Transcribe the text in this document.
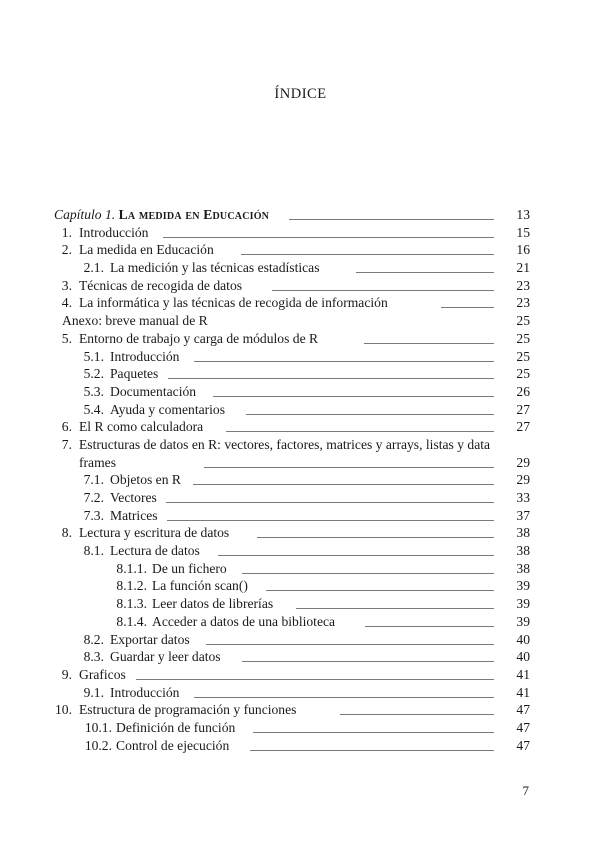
ÍNDICE
Capítulo 1. La medida en Educación	13
1. Introducción	15
2. La medida en Educación	16
2.1. La medición y las técnicas estadísticas	21
3. Técnicas de recogida de datos	23
4. La informática y las técnicas de recogida de información	23
Anexo: breve manual de R	25
5. Entorno de trabajo y carga de módulos de R	25
5.1. Introducción	25
5.2. Paquetes	25
5.3. Documentación	26
5.4. Ayuda y comentarios	27
6. El R como calculadora	27
7. Estructuras de datos en R: vectores, factores, matrices y arrays, listas y data frames	29
7.1. Objetos en R	29
7.2. Vectores	33
7.3. Matrices	37
8. Lectura y escritura de datos	38
8.1. Lectura de datos	38
8.1.1. De un fichero	38
8.1.2. La función scan()	39
8.1.3. Leer datos de librerías	39
8.1.4. Acceder a datos de una biblioteca	39
8.2. Exportar datos	40
8.3. Guardar y leer datos	40
9. Graficos	41
9.1. Introducción	41
10. Estructura de programación y funciones	47
10.1. Definición de función	47
10.2. Control de ejecución	47
7
